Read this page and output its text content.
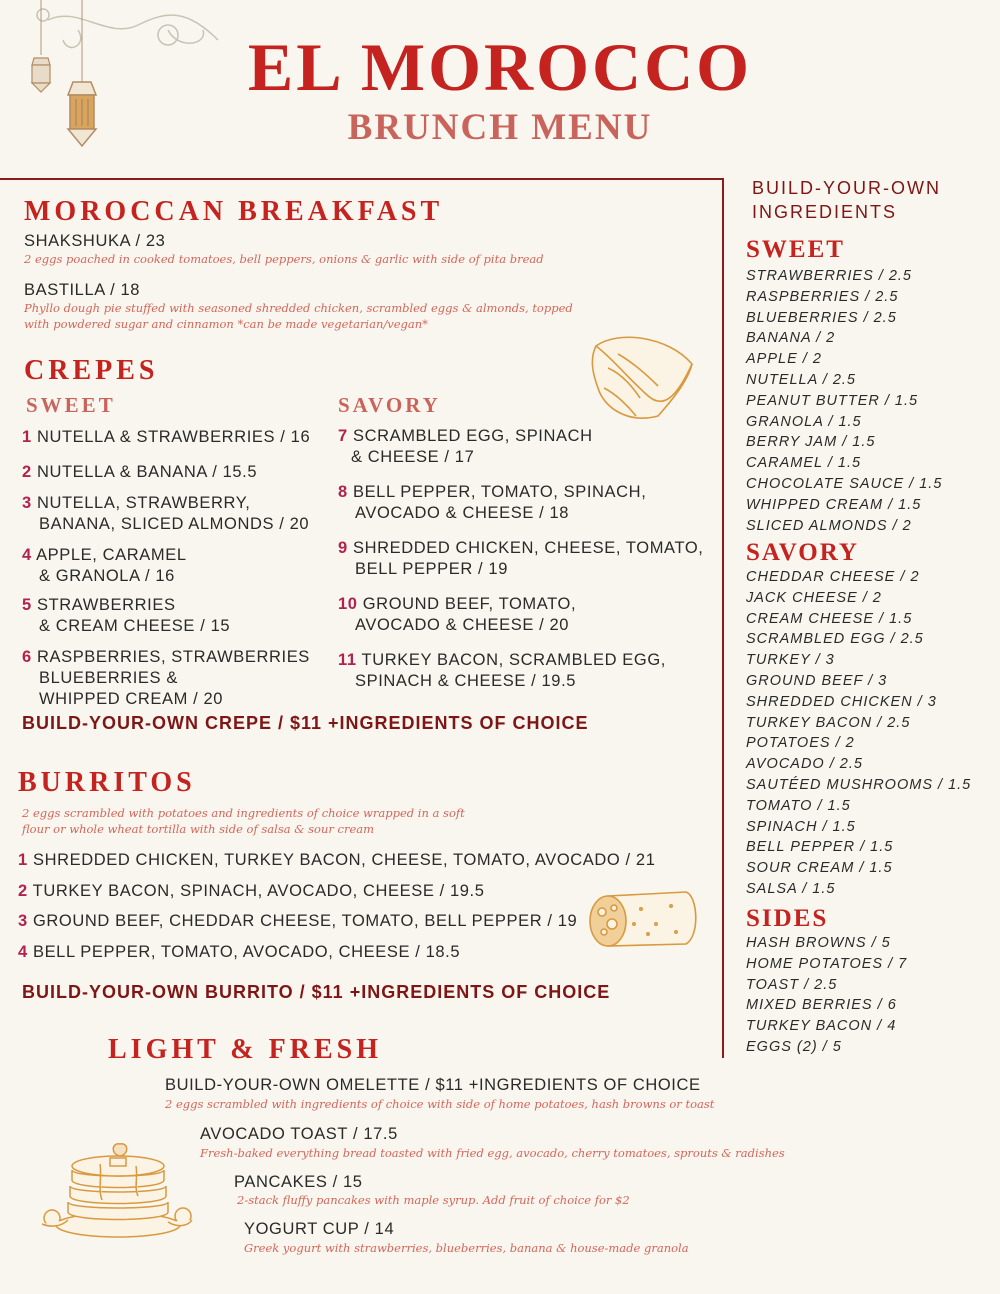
EL MOROCCO
BRUNCH MENU
MOROCCAN BREAKFAST
SHAKSHUKA / 23
2 eggs poached in cooked tomatoes, bell peppers, onions & garlic with side of pita bread
BASTILLA / 18
Phyllo dough pie stuffed with seasoned shredded chicken, scrambled eggs & almonds, topped
with powdered sugar and cinnamon *can be made vegetarian/vegan*
CREPES
SWEET	SAVORY
1 NUTELLA & STRAWBERRIES / 16
2 NUTELLA & BANANA / 15.5
3 NUTELLA, STRAWBERRY,
BANANA, SLICED ALMONDS / 20
4 APPLE, CARAMEL
& GRANOLA / 16
5 STRAWBERRIES
& CREAM CHEESE / 15
6 RASPBERRIES, STRAWBERRIES
BLUEBERRIES &
WHIPPED CREAM / 20
7 SCRAMBLED EGG, SPINACH
& CHEESE / 17
8 BELL PEPPER, TOMATO, SPINACH,
AVOCADO & CHEESE / 18
9 SHREDDED CHICKEN, CHEESE, TOMATO,
BELL PEPPER / 19
10 GROUND BEEF, TOMATO,
AVOCADO & CHEESE / 20
11 TURKEY BACON, SCRAMBLED EGG,
SPINACH & CHEESE / 19.5
BUILD-YOUR-OWN CREPE / $11 +INGREDIENTS OF CHOICE
BURRITOS
2 eggs scrambled with potatoes and ingredients of choice wrapped in a soft
flour or whole wheat tortilla with side of salsa & sour cream
1 SHREDDED CHICKEN, TURKEY BACON, CHEESE, TOMATO, AVOCADO / 21
2 TURKEY BACON, SPINACH, AVOCADO, CHEESE / 19.5
3 GROUND BEEF, CHEDDAR CHEESE, TOMATO, BELL PEPPER / 19
4 BELL PEPPER, TOMATO, AVOCADO, CHEESE / 18.5
BUILD-YOUR-OWN BURRITO / $11 +INGREDIENTS OF CHOICE
LIGHT & FRESH
BUILD-YOUR-OWN OMELETTE / $11 +INGREDIENTS OF CHOICE
2 eggs scrambled with ingredients of choice with side of home potatoes, hash browns or toast
AVOCADO TOAST / 17.5
Fresh-baked everything bread toasted with fried egg, avocado, cherry tomatoes, sprouts & radishes
PANCAKES / 15
2-stack fluffy pancakes with maple syrup. Add fruit of choice for $2
YOGURT CUP / 14
Greek yogurt with strawberries, blueberries, banana & house-made granola
BUILD-YOUR-OWN
INGREDIENTS
SWEET
STRAWBERRIES / 2.5
RASPBERRIES / 2.5
BLUEBERRIES / 2.5
BANANA / 2
APPLE / 2
NUTELLA / 2.5
PEANUT BUTTER / 1.5
GRANOLA / 1.5
BERRY JAM / 1.5
CARAMEL / 1.5
CHOCOLATE SAUCE / 1.5
WHIPPED CREAM / 1.5
SLICED ALMONDS / 2
SAVORY
CHEDDAR CHEESE / 2
JACK CHEESE / 2
CREAM CHEESE / 1.5
SCRAMBLED EGG / 2.5
TURKEY / 3
GROUND BEEF / 3
SHREDDED CHICKEN / 3
TURKEY BACON / 2.5
POTATOES / 2
AVOCADO / 2.5
SAUTÉED MUSHROOMS / 1.5
TOMATO / 1.5
SPINACH / 1.5
BELL PEPPER / 1.5
SOUR CREAM / 1.5
SALSA / 1.5
SIDES
HASH BROWNS / 5
HOME POTATOES / 7
TOAST / 2.5
MIXED BERRIES / 6
TURKEY BACON / 4
EGGS (2) / 5
